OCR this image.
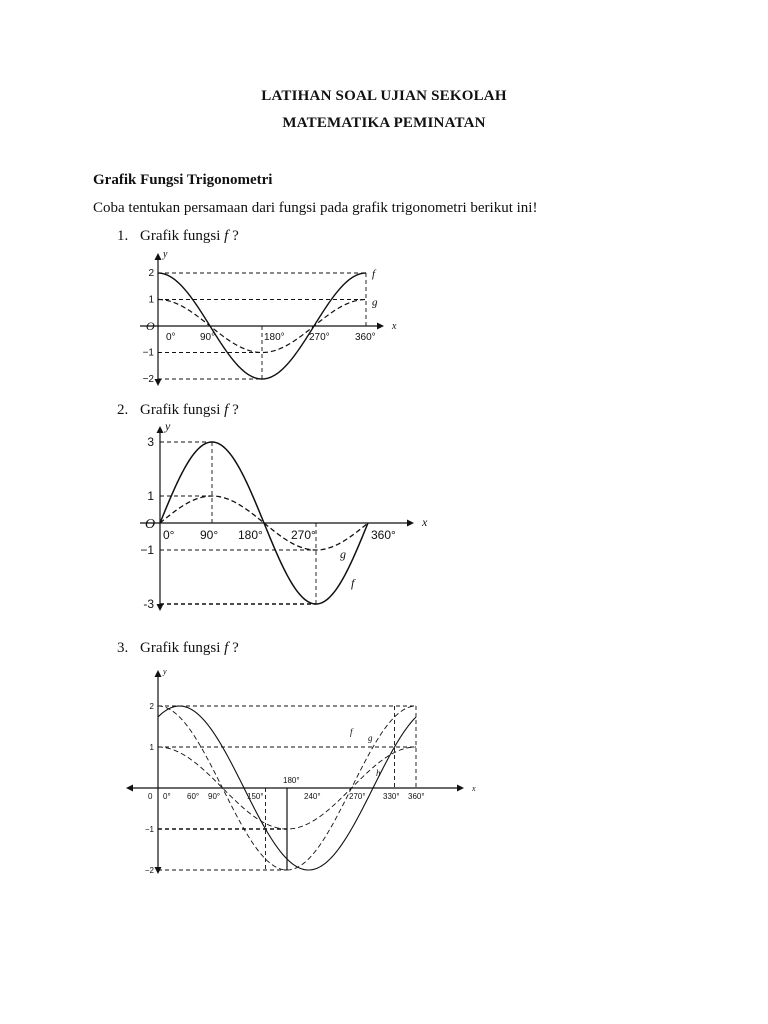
LATIHAN SOAL UJIAN SEKOLAH
MATEMATIKA PEMINATAN
Grafik Fungsi Trigonometri
Coba tentukan persamaan dari fungsi pada grafik trigonometri berikut ini!
1. Grafik fungsi f ?
2. Grafik fungsi f ?
3. Grafik fungsi f ?
y
x
2
1
−1
−2
O
0° 90°	180° 270°	360°
f
g
y
x
3
1
−1
-3
O
0° 90° 180° 270°	360°
f
g
y
x
2
1
−1
−2
0 0° 60° 90°	150°
180°
240°	270° 330° 360°
f
g
h
